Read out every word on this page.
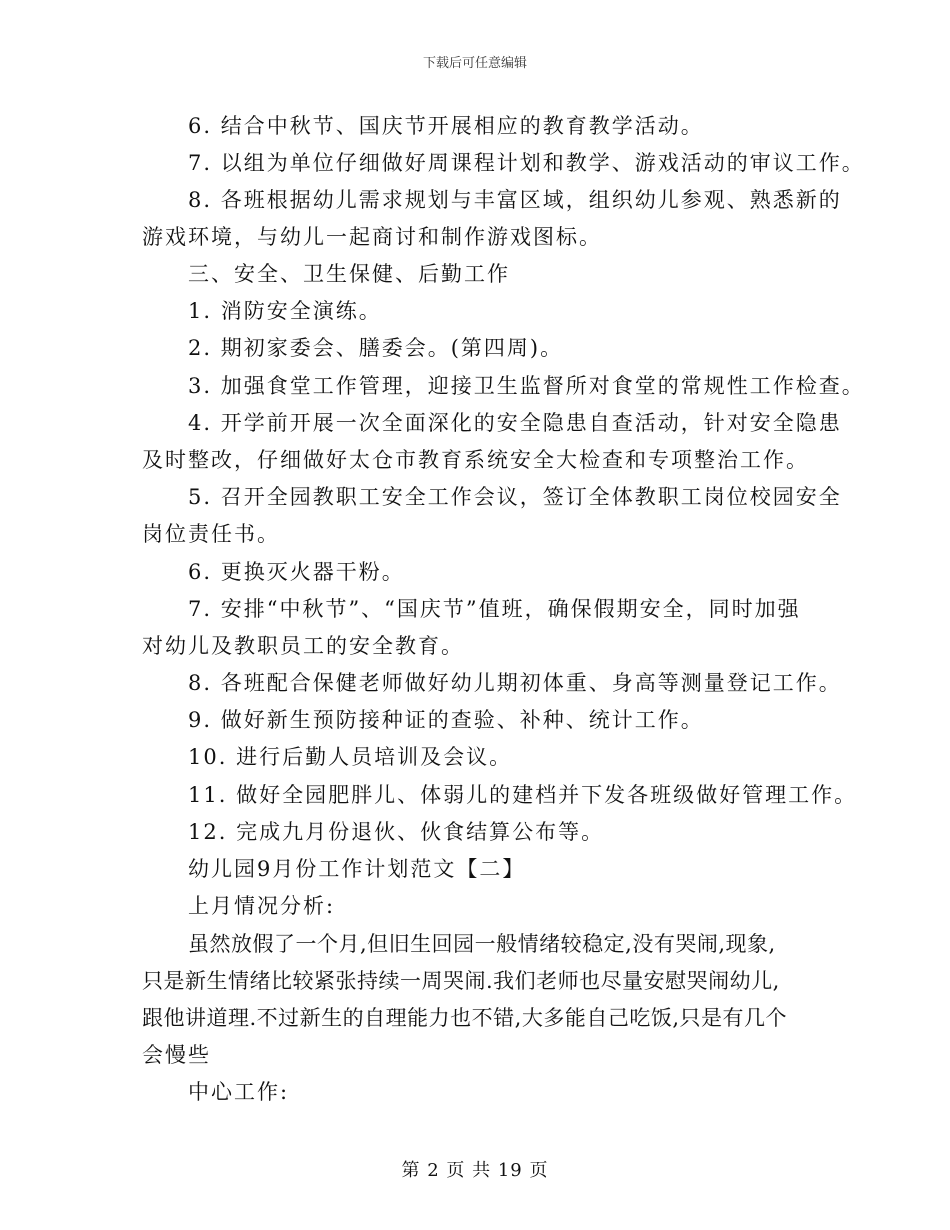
下载后可任意编辑
6. 结合中秋节、国庆节开展相应的教育教学活动。
7. 以组为单位仔细做好周课程计划和教学、游戏活动的审议工作。
8. 各班根据幼儿需求规划与丰富区域，组织幼儿参观、熟悉新的
游戏环境，与幼儿一起商讨和制作游戏图标。
三、安全、卫生保健、后勤工作
1. 消防安全演练。
2. 期初家委会、膳委会。(第四周)。
3. 加强食堂工作管理，迎接卫生监督所对食堂的常规性工作检查。
4. 开学前开展一次全面深化的安全隐患自查活动，针对安全隐患
及时整改，仔细做好太仓市教育系统安全大检查和专项整治工作。
5. 召开全园教职工安全工作会议，签订全体教职工岗位校园安全
岗位责任书。
6. 更换灭火器干粉。
7. 安排“中秋节”、“国庆节”值班，确保假期安全，同时加强
对幼儿及教职员工的安全教育。
8. 各班配合保健老师做好幼儿期初体重、身高等测量登记工作。
9. 做好新生预防接种证的查验、补种、统计工作。
10. 进行后勤人员培训及会议。
11. 做好全园肥胖儿、体弱儿的建档并下发各班级做好管理工作。
12. 完成九月份退伙、伙食结算公布等。
幼儿园9月份工作计划范文【二】
上月情况分析:
虽然放假了一个月,但旧生回园一般情绪较稳定,没有哭闹,现象,
只是新生情绪比较紧张持续一周哭闹.我们老师也尽量安慰哭闹幼儿,
跟他讲道理.不过新生的自理能力也不错,大多能自己吃饭,只是有几个
会慢些
中心工作:
第 2 页 共 19 页
